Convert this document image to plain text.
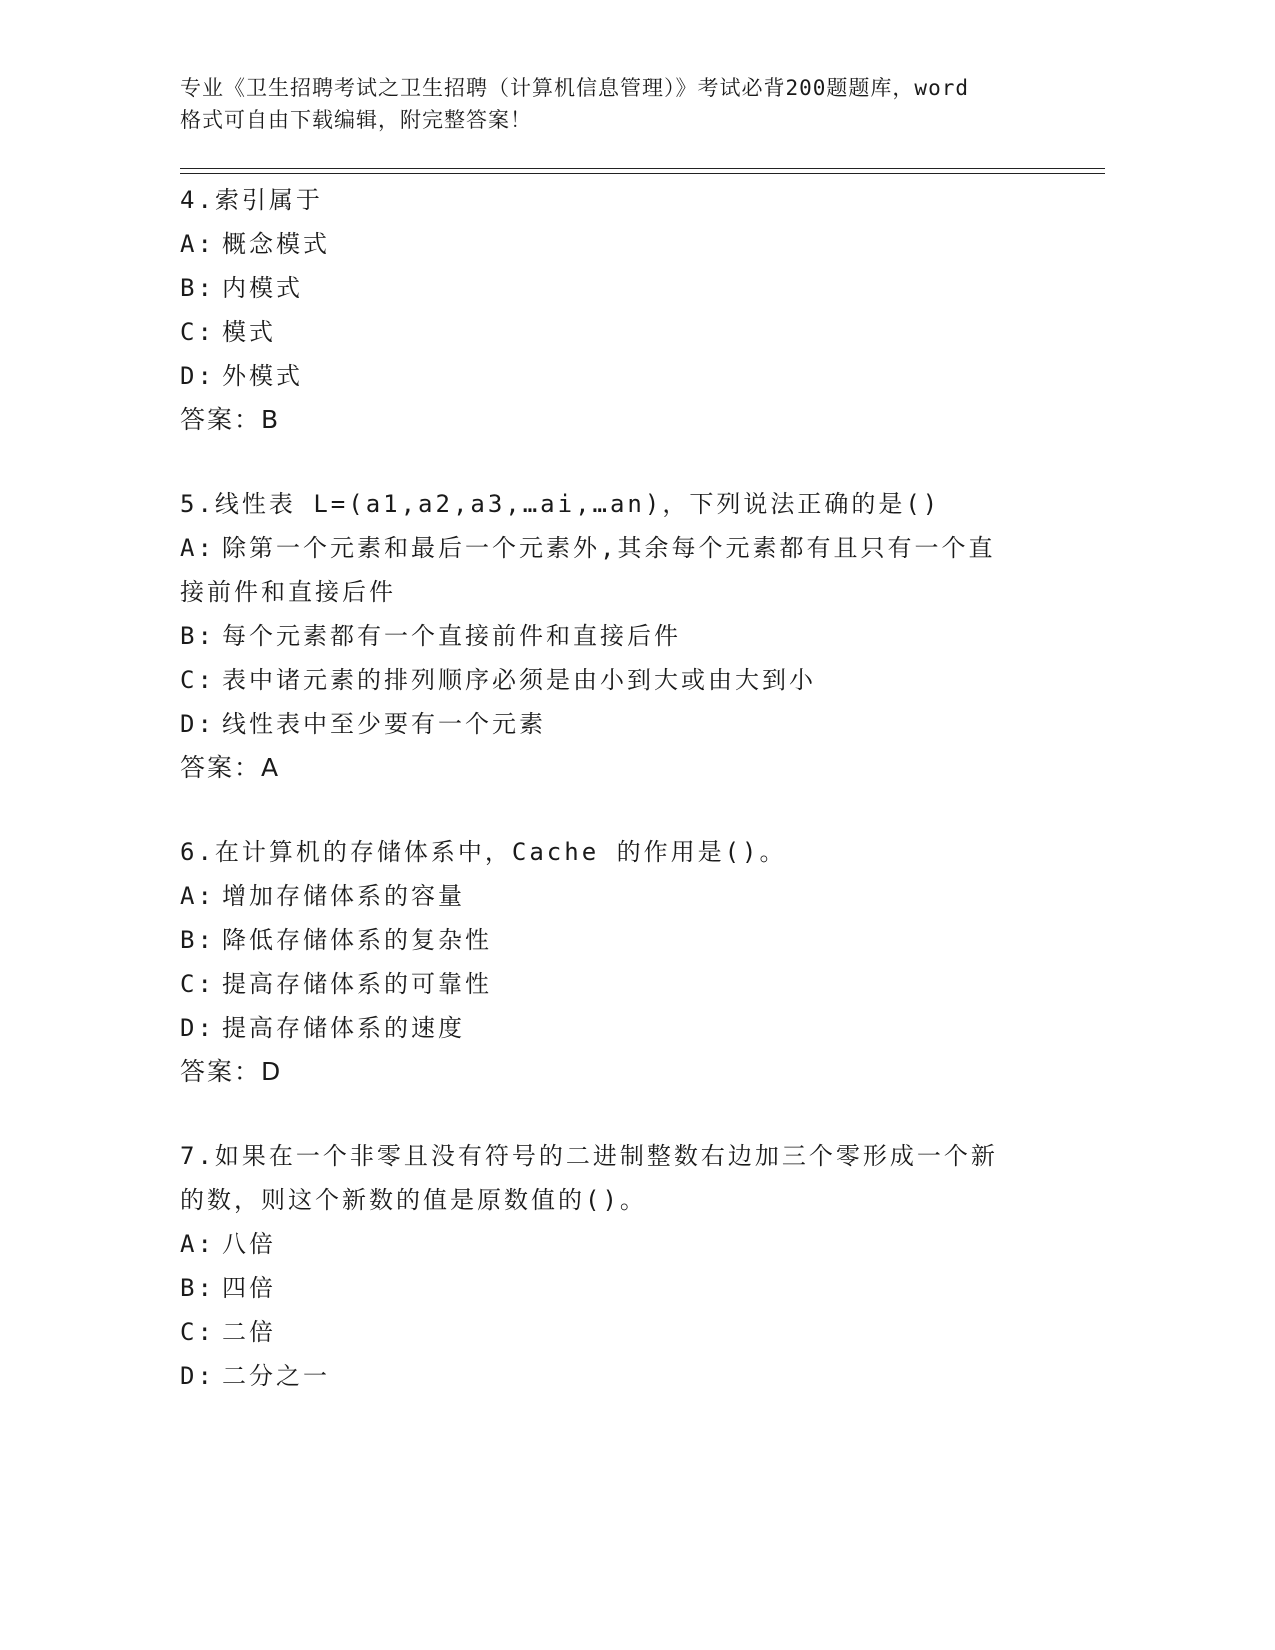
专业《卫生招聘考试之卫生招聘（计算机信息管理）》考试必背200题题库，word
格式可自由下载编辑，附完整答案！
4.索引属于
A: 概念模式
B: 内模式
C: 模式
D: 外模式
答案：B
5.线性表 L=(a1,a2,a3,…ai,…an)，下列说法正确的是()
A: 除第一个元素和最后一个元素外,其余每个元素都有且只有一个直
接前件和直接后件
B: 每个元素都有一个直接前件和直接后件
C: 表中诸元素的排列顺序必须是由小到大或由大到小
D: 线性表中至少要有一个元素
答案：A
6.在计算机的存储体系中，Cache 的作用是()。
A: 增加存储体系的容量
B: 降低存储体系的复杂性
C: 提高存储体系的可靠性
D: 提高存储体系的速度
答案：D
7.如果在一个非零且没有符号的二进制整数右边加三个零形成一个新
的数，则这个新数的值是原数值的()。
A: 八倍
B: 四倍
C: 二倍
D: 二分之一
